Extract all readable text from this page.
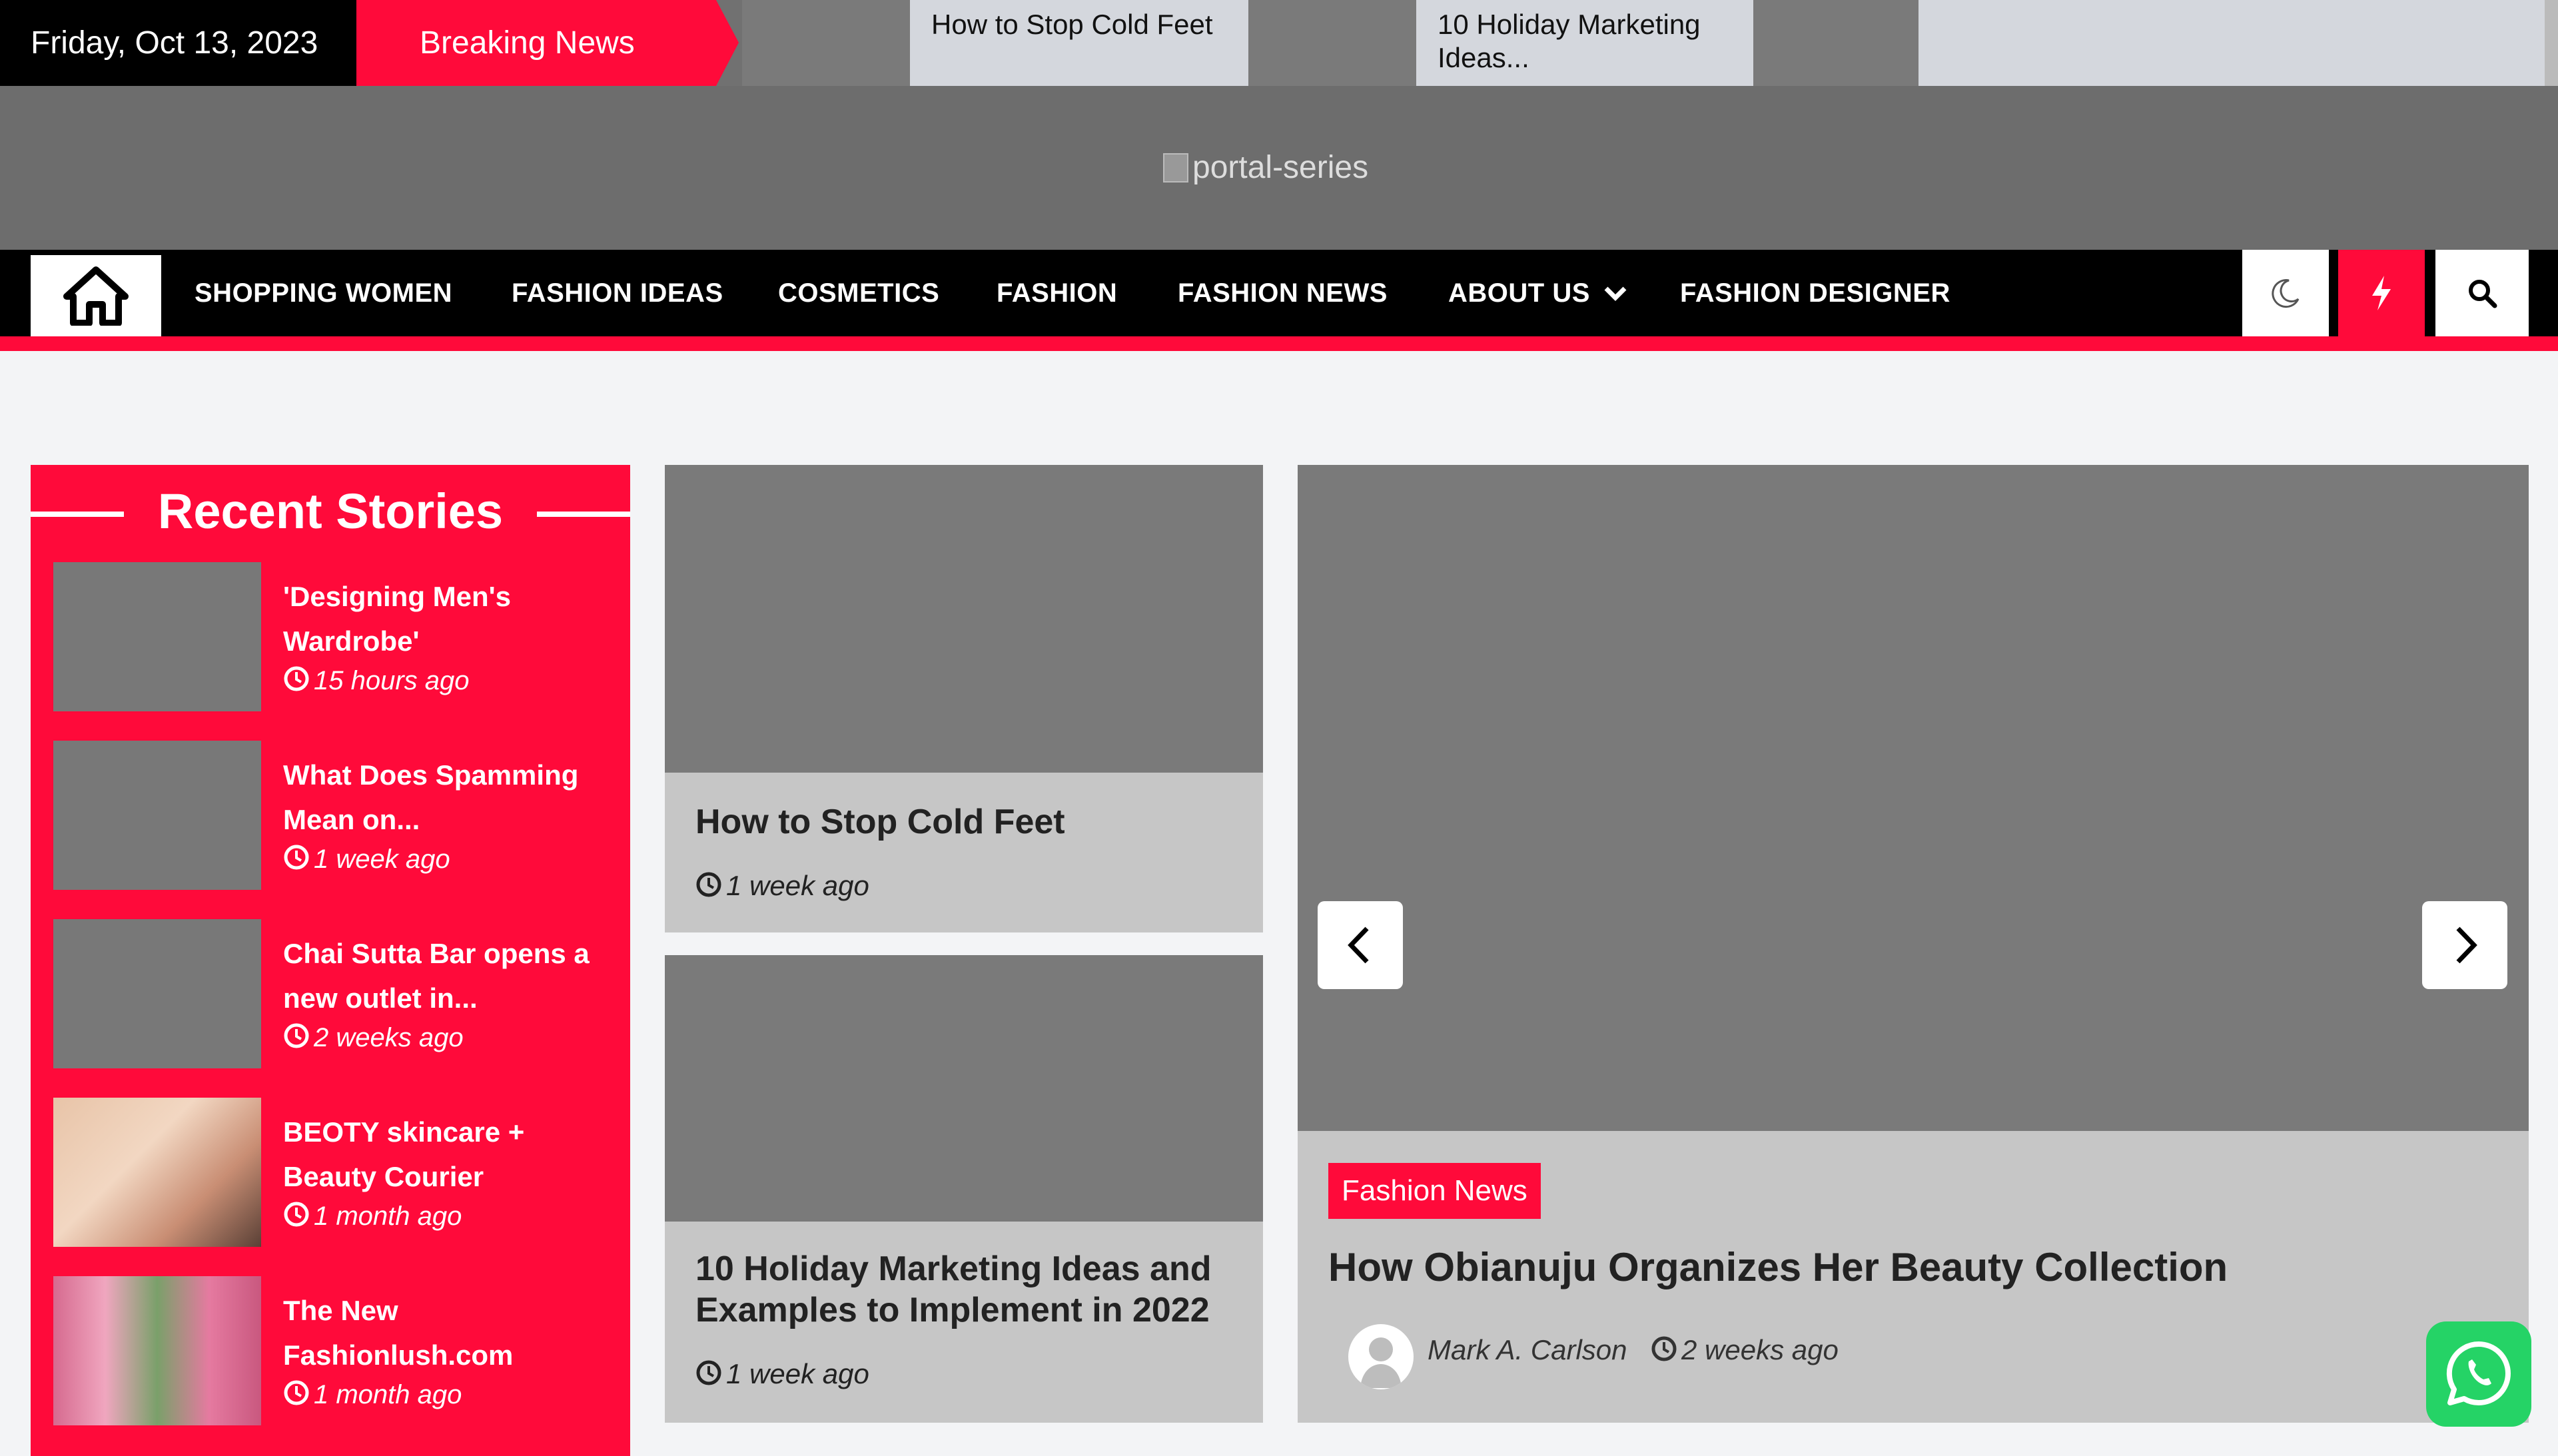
Friday, Oct 13, 2023	Breaking News
How to Stop Cold Feet	10 Holiday Marketing Ideas...
portal-series
SHOPPING WOMEN FASHION IDEAS COSMETICS FASHION FASHION NEWS ABOUT US	FASHION DESIGNER
Recent Stories
'Designing Men's Wardrobe'
15 hours ago
What Does Spamming Mean on...
1 week ago
Chai Sutta Bar opens a new outlet in...
2 weeks ago
BEOTY skincare + Beauty Courier
1 month ago
The New Fashionlush.com
1 month ago
How to Stop Cold Feet
1 week ago
10 Holiday Marketing Ideas and Examples to Implement in 2022
1 week ago
Fashion News
How Obianuju Organizes Her Beauty Collection
Mark A. Carlson	2 weeks ago
